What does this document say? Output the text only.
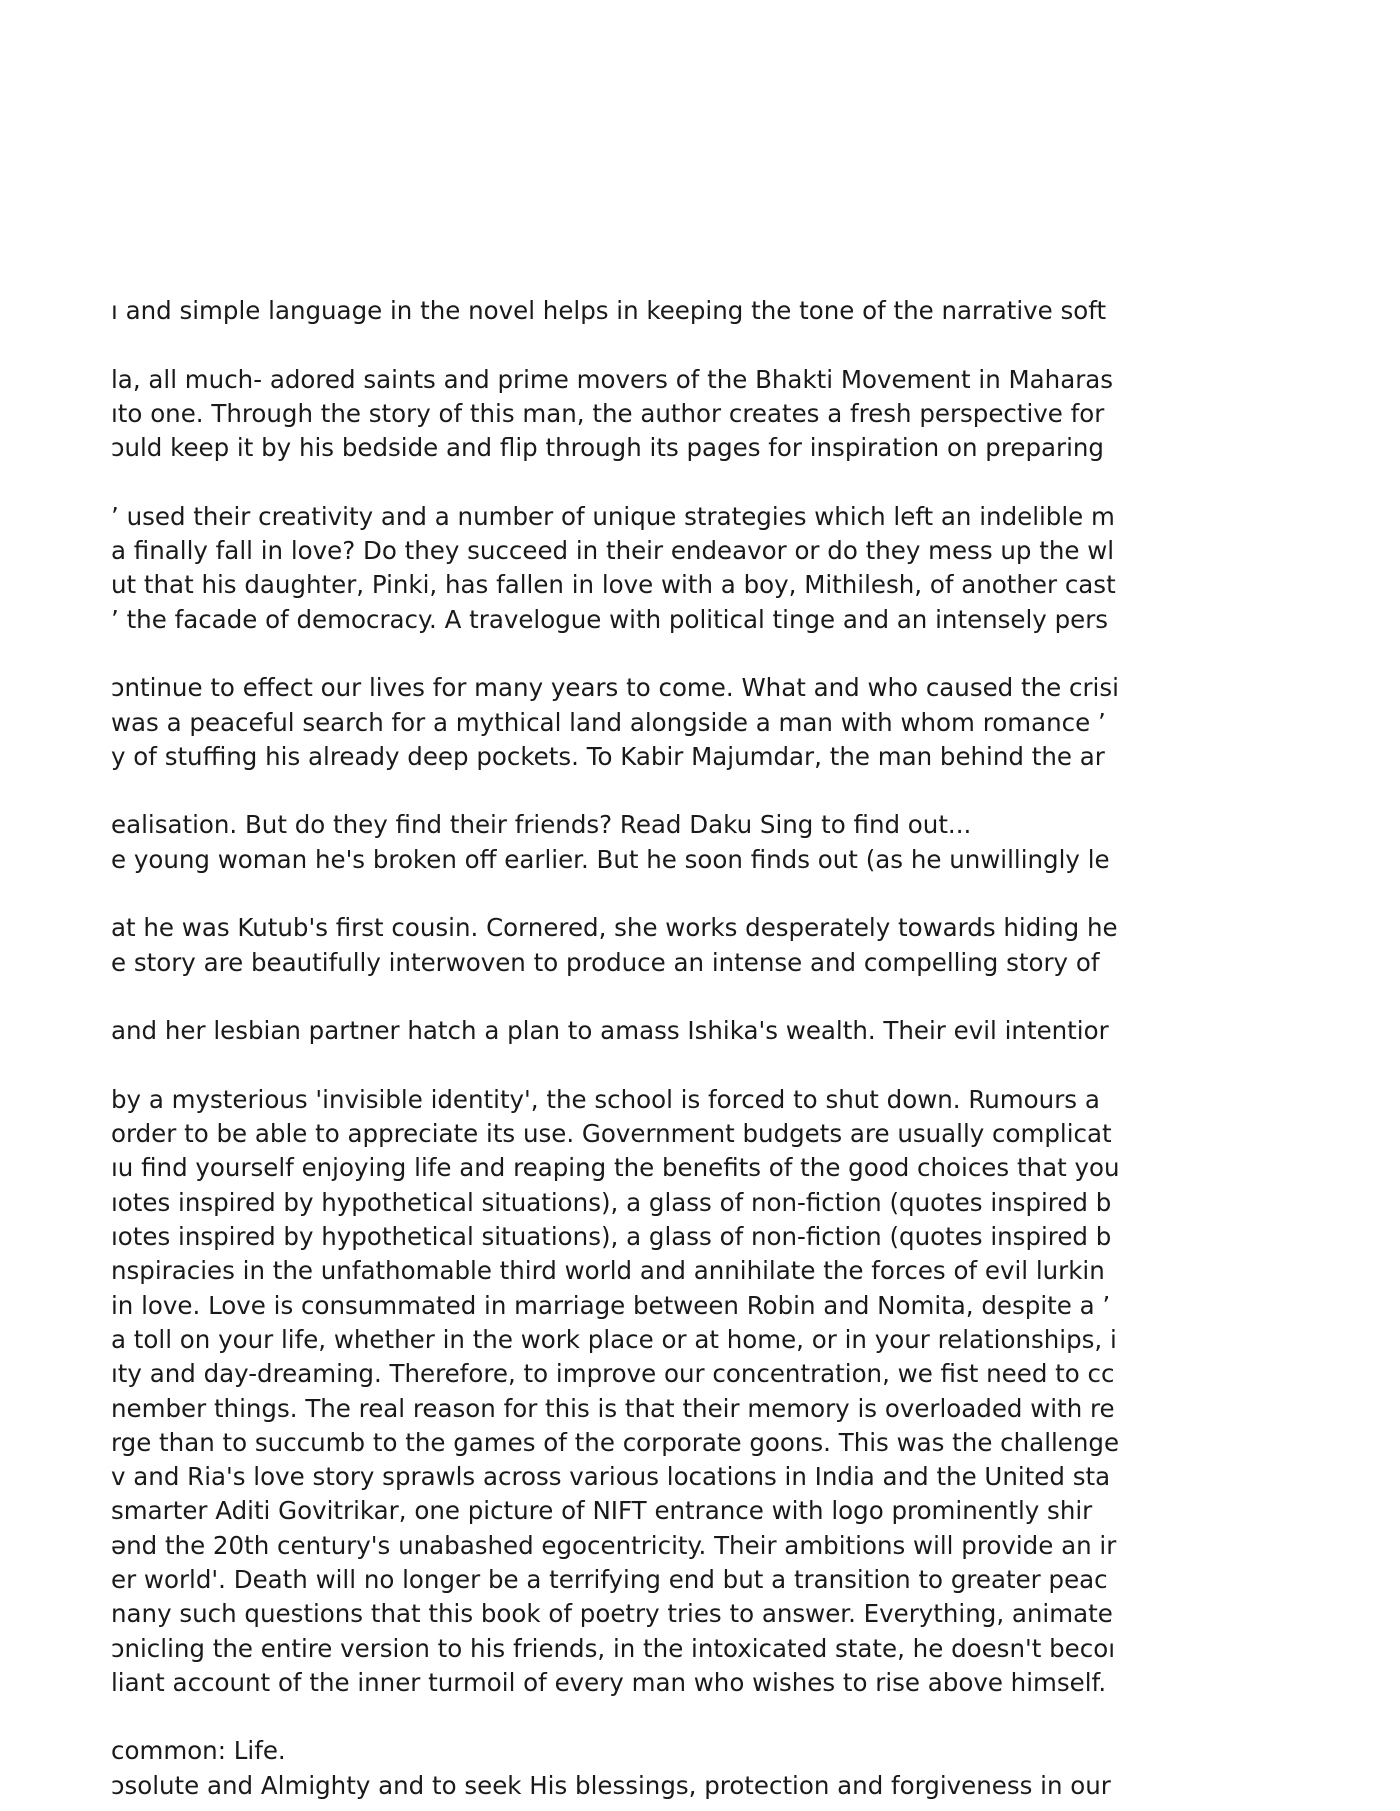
ı and simple language in the novel helps in keeping the tone of the narrative soft
la, all much- adored saints and prime movers of the Bhakti Movement in Maharas
ıto one. Through the story of this man, the author creates a fresh perspective for
ɔuld keep it by his bedside and flip through its pages for inspiration on preparing
’ used their creativity and a number of unique strategies which left an indelible m
a finally fall in love? Do they succeed in their endeavor or do they mess up the wl
ut that his daughter, Pinki, has fallen in love with a boy, Mithilesh, of another cast
’ the facade of democracy. A travelogue with political tinge and an intensely pers
ɔntinue to effect our lives for many years to come. What and who caused the crisi
was a peaceful search for a mythical land alongside a man with whom romance ’
y of stuffing his already deep pockets. To Kabir Majumdar, the man behind the ar
ealisation. But do they find their friends? Read Daku Sing to find out...
e young woman he's broken off earlier. But he soon finds out (as he unwillingly le
at he was Kutub's first cousin. Cornered, she works desperately towards hiding he
e story are beautifully interwoven to produce an intense and compelling story of
and her lesbian partner hatch a plan to amass Ishika's wealth. Their evil intentior
by a mysterious 'invisible identity', the school is forced to shut down. Rumours a
order to be able to appreciate its use. Government budgets are usually complicat
ıu find yourself enjoying life and reaping the benefits of the good choices that you
ıotes inspired by hypothetical situations), a glass of non-fiction (quotes inspired b
ıotes inspired by hypothetical situations), a glass of non-fiction (quotes inspired b
nspiracies in the unfathomable third world and annihilate the forces of evil lurkin
in love. Love is consummated in marriage between Robin and Nomita, despite a ’
a toll on your life, whether in the work place or at home, or in your relationships, i
ıty and day-dreaming. Therefore, to improve our concentration, we fist need to cc
nember things. The real reason for this is that their memory is overloaded with re
rge than to succumb to the games of the corporate goons. This was the challenge
v and Ria's love story sprawls across various locations in India and the United sta
smarter Aditi Govitrikar, one picture of NIFT entrance with logo prominently shir
ənd the 20th century's unabashed egocentricity. Their ambitions will provide an ir
er world'. Death will no longer be a terrifying end but a transition to greater peac
nany such questions that this book of poetry tries to answer. Everything, animate
ɔnicling the entire version to his friends, in the intoxicated state, he doesn't becoı
liant account of the inner turmoil of every man who wishes to rise above himself.
common: Life.
ɔsolute and Almighty and to seek His blessings, protection and forgiveness in our
